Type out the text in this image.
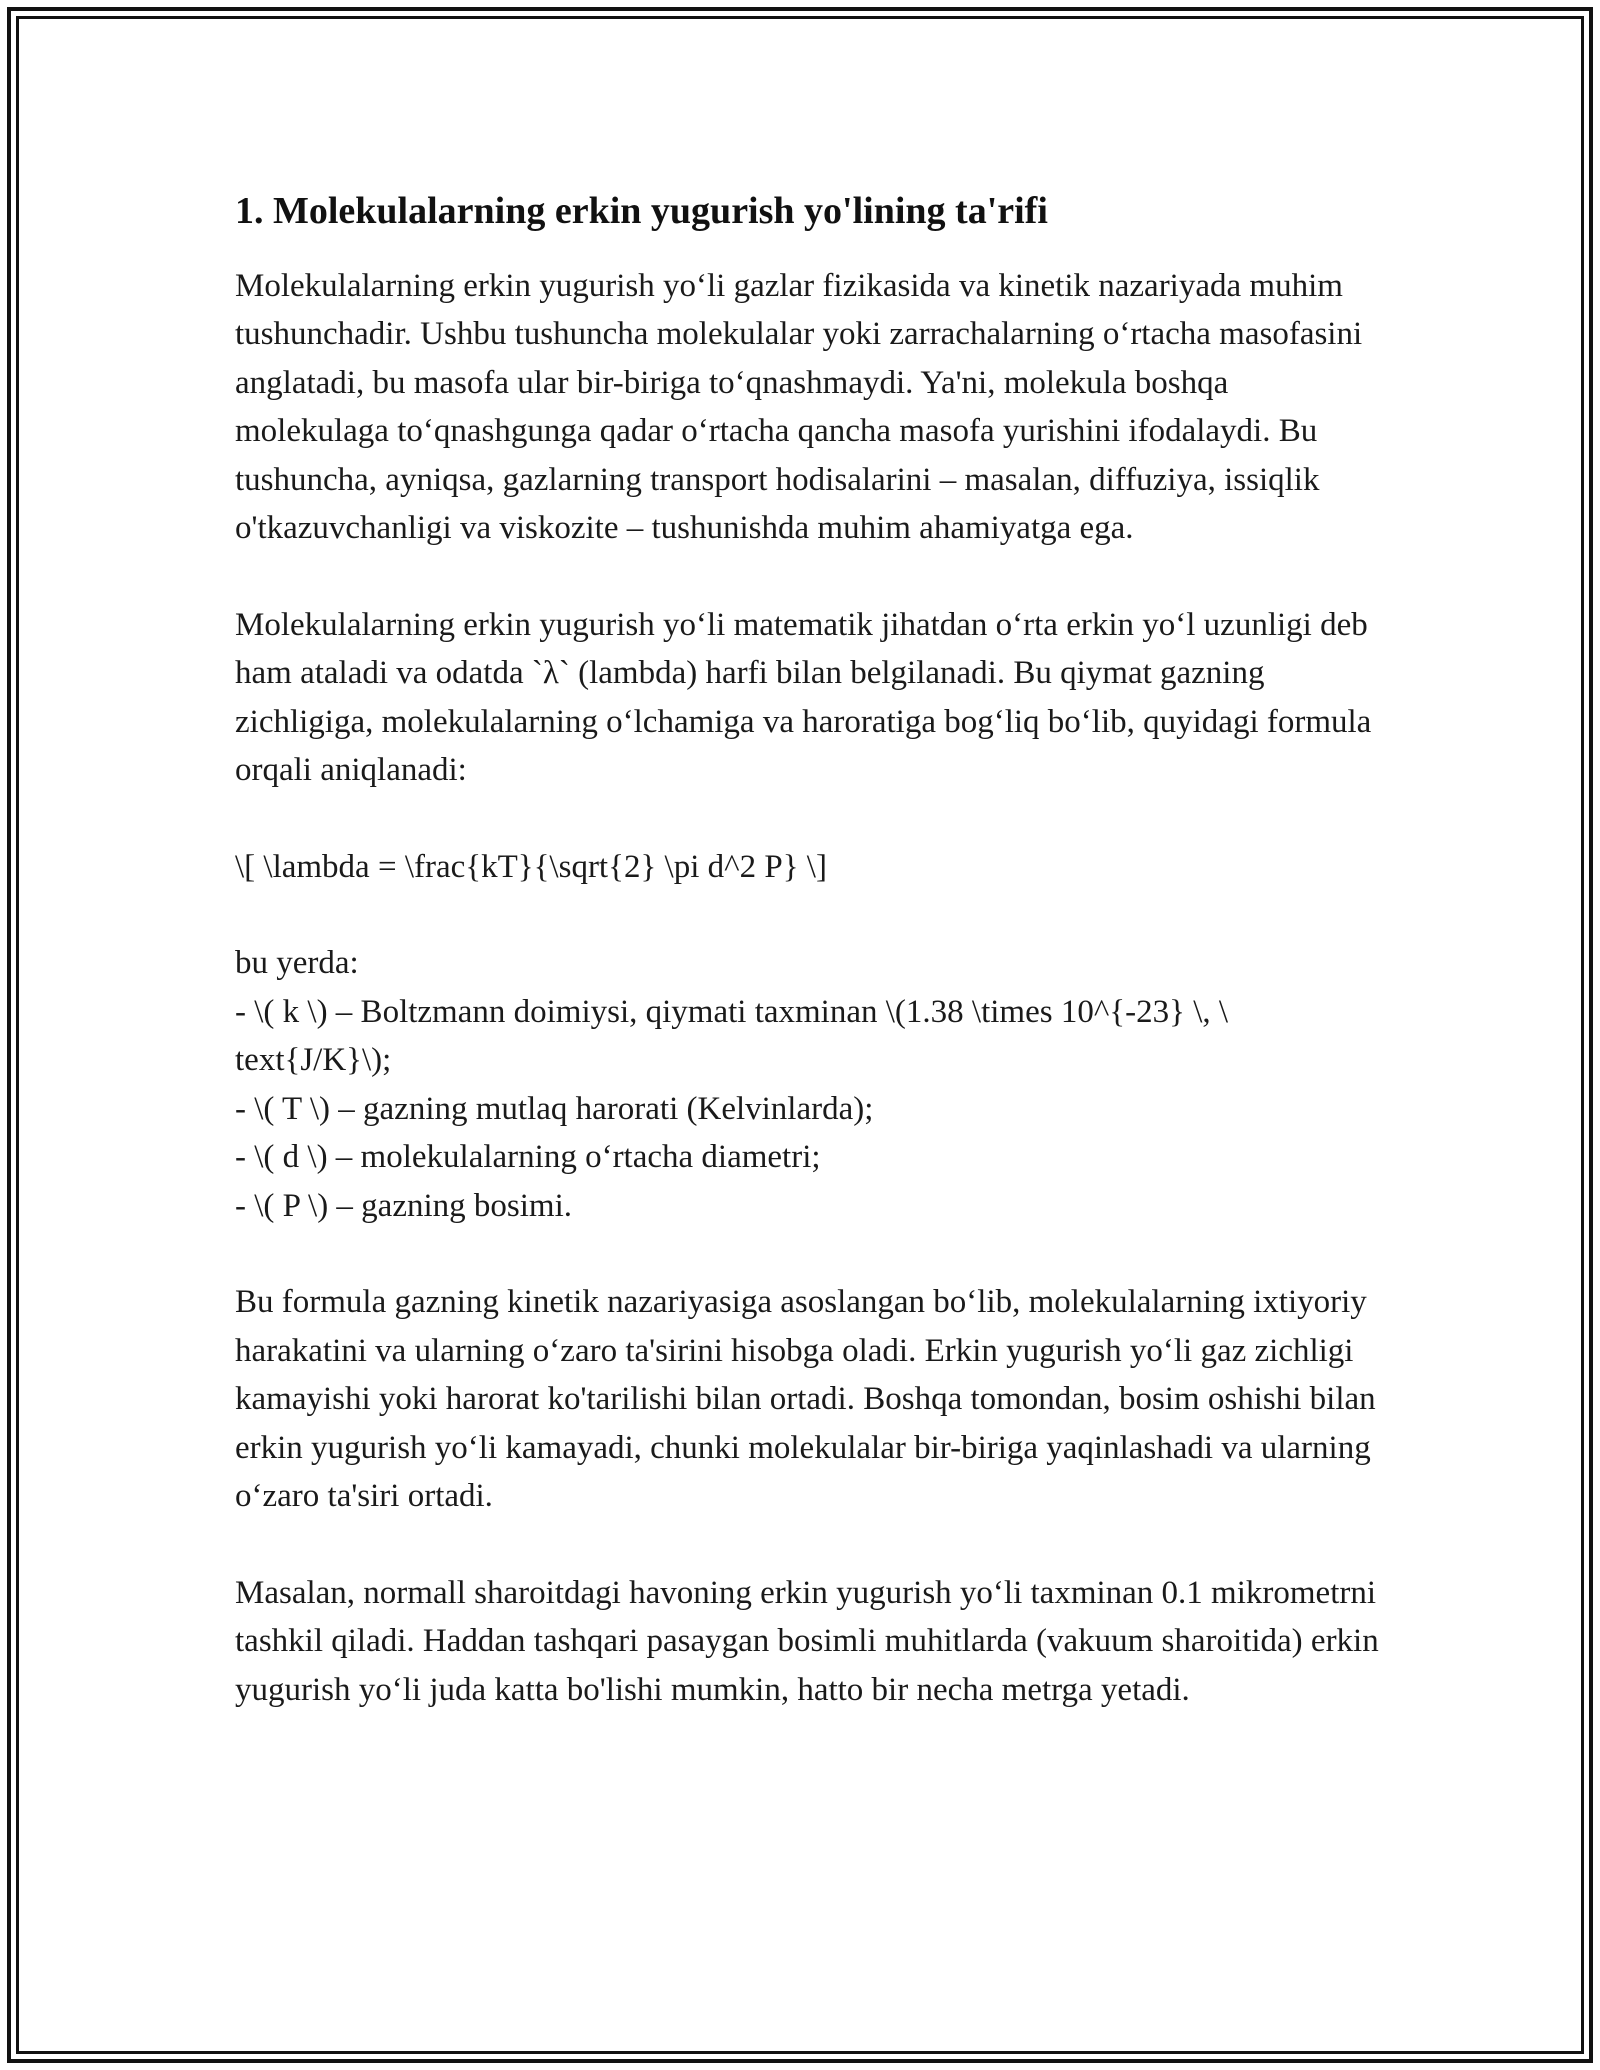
1. Molekulalarning erkin yugurish yo'lining ta'rifi

Molekulalarning erkin yugurish yo‘li gazlar fizikasida va kinetik nazariyada muhim tushunchadir. Ushbu tushuncha molekulalar yoki zarrachalarning o‘rtacha masofasini anglatadi, bu masofa ular bir-biriga to‘qnashmaydi. Ya'ni, molekula boshqa molekulaga to‘qnashgunga qadar o‘rtacha qancha masofa yurishini ifodalaydi. Bu tushuncha, ayniqsa, gazlarning transport hodisalarini – masalan, diffuziya, issiqlik o'tkazuvchanligi va viskozite – tushunishda muhim ahamiyatga ega.

Molekulalarning erkin yugurish yo‘li matematik jihatdan o‘rta erkin yo‘l uzunligi deb ham ataladi va odatda `λ` (lambda) harfi bilan belgilanadi. Bu qiymat gazning zichligiga, molekulalarning o‘lchamiga va haroratiga bog‘liq bo‘lib, quyidagi formula orqali aniqlanadi:

\[ \lambda = \frac{kT}{\sqrt{2} \pi d^2 P} \]

bu yerda:
- \( k \) – Boltzmann doimiysi, qiymati taxminan \(1.38 \times 10^{-23} \, \ text{J/K}\);
- \( T \) – gazning mutlaq harorati (Kelvinlarda);
- \( d \) – molekulalarning o‘rtacha diametri;
- \( P \) – gazning bosimi.

Bu formula gazning kinetik nazariyasiga asoslangan bo‘lib, molekulalarning ixtiyoriy harakatini va ularning o‘zaro ta'sirini hisobga oladi. Erkin yugurish yo‘li gaz zichligi kamayishi yoki harorat ko'tarilishi bilan ortadi. Boshqa tomondan, bosim oshishi bilan erkin yugurish yo‘li kamayadi, chunki molekulalar bir-biriga yaqinlashadi va ularning o‘zaro ta'siri ortadi.

Masalan, normall sharoitdagi havoning erkin yugurish yo‘li taxminan 0.1 mikrometrni tashkil qiladi. Haddan tashqari pasaygan bosimli muhitlarda (vakuum sharoitida) erkin yugurish yo‘li juda katta bo'lishi mumkin, hatto bir necha metrga yetadi.
